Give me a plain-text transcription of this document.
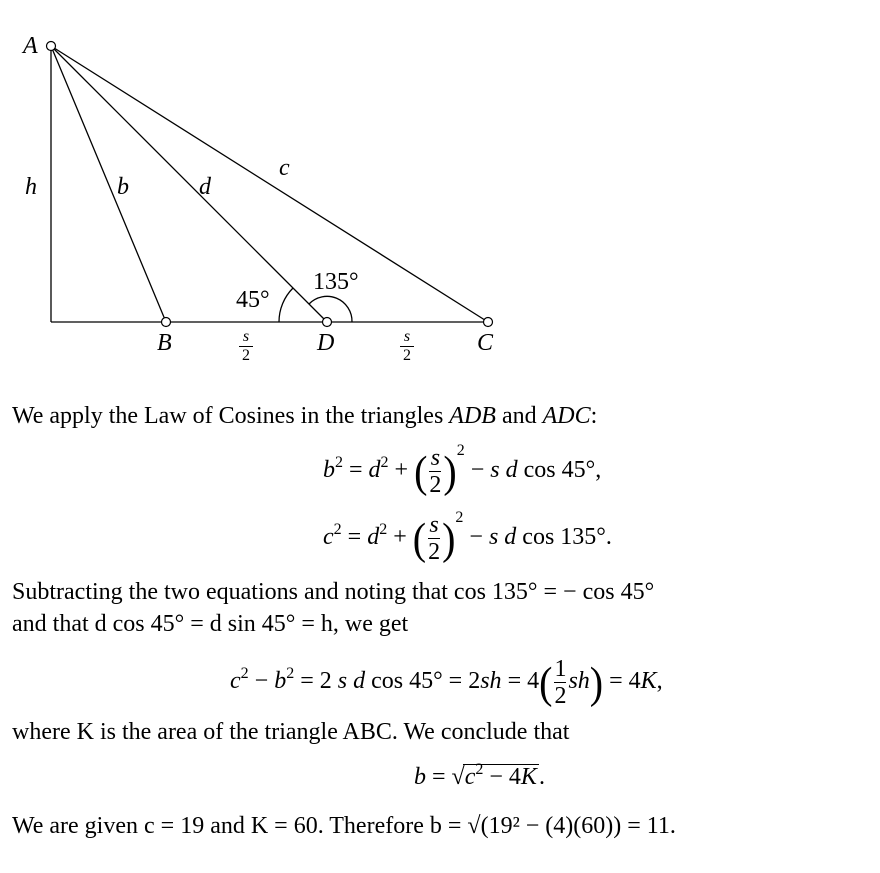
A
B	D	C
h	b	d
c
45°
135°
s
2
s
2
We apply the Law of Cosines in the triangles ADB and ADC:
$b^2 = d^2$ + ( $\frac{s}{2} )^2 - s$ d cos 45°,
$c^2 = d^2$ + ( $\frac{s}{2} )^2 - s$ d cos 135°.
Subtracting the two equations and noting that cos 135° = − cos 45°
and that d cos 45° = d sin 45° = h, we get
$c^2 - b^2 = 2$ s d $\cos 45^\circ = 2sh = 4( \frac{1}{2} sh) = 4K$,
where K is the area of the triangle ABC. We conclude that
$b = √c^2 - 4K$.
We are given c = 19 and K = 60. Therefore b = √(19² − (4)(60)) = 11.
